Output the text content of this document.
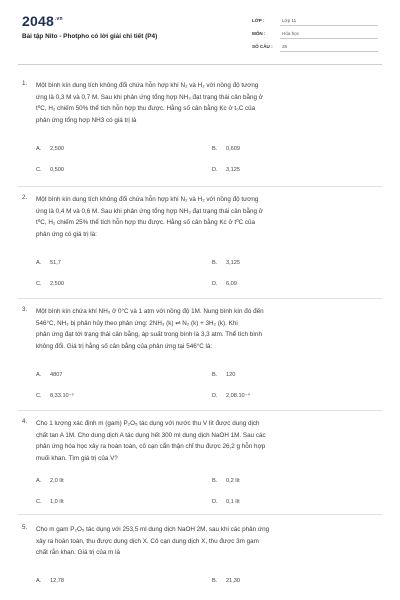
$2048^{.vn}$
Bài tập Nito - Photpho có lời giải chi tiết (P4)
LỚP :	Lớp 11
MÔN :	Hóa học
SỐ CÂU : 25
1. Một bình kín dung tích không đổi chứa hỗn hợp khí N₂ và H₂ với nồng độ tương

ứng là 0,3 M và 0,7 M. Sau khi phản ứng tổng hợp NH₃ đạt trạng thái cân bằng ở

t⁰C, H₂ chiếm 50% thể tích hỗn hợp thu được. Hằng số cân bằng Kc ở t₀C của

phản ứng tổng hợp NH3 có giá trị là

A. 2,500	B. 0,609
C. 0,500	D. 3,125
2. Một bình kín dung tích không đổi chứa hỗn hợp khí N₂ và H₂ với nồng độ tương

ứng là 0,4 M và 0,6 M. Sau khi phản ứng tổng hợp NH₃ đạt trạng thái cân bằng ở

t⁰C, H₂ chiếm 25% thể tích hỗn hợp thu được. Hằng số cân bằng Kc ở t⁰C của

phản ứng có giá trị là:

A. 51,7	B. 3,125
C. 2,500	D. 6,09
3. Một bình kín chứa khí NH₃ ở 0°C và 1 atm với nồng độ 1M. Nung bình kín đó đến

546°C, NH₃ bị phân hủy theo phản ứng: 2NH₃ (k) ⇌ N₂ (k) + 3H₂ (k). Khi

phản ứng đạt tới trạng thái cân bằng, áp suất trong bình là 3,3 atm. Thể tích bình

không đổi. Giá trị hằng số cân bằng của phản ứng tại 546°C là:

A. 4807	B. 120
C. 8,33.10⁻³	D. 2,08.10⁻⁴
4. Cho 1 lượng xác định m (gam) P₂O₅ tác dụng với nước thu V lít được dung dịch

chất tan A 1M. Cho dung dịch A tác dụng hết 300 ml dung dịch NaOH 1M. Sau các

phản ứng hóa học xảy ra hoàn toàn, cô cạn cẩn thận chỉ thu được 26,2 g hỗn hợp

muối khan. Tìm giá trị của V?

A. 2,0 lít	B. 0,2 lít
C. 1,0 lít	D. 0,1 lít
5. Cho m gam P₂O₅ tác dụng với 253,5 ml dung dịch NaOH 2M, sau khi các phản ứng

xảy ra hoàn toàn, thu được dung dịch X. Cô cạn dung dịch X, thu được 3m gam

chất rắn khan. Giá trị của m là

A. 12,78	B. 21,30
